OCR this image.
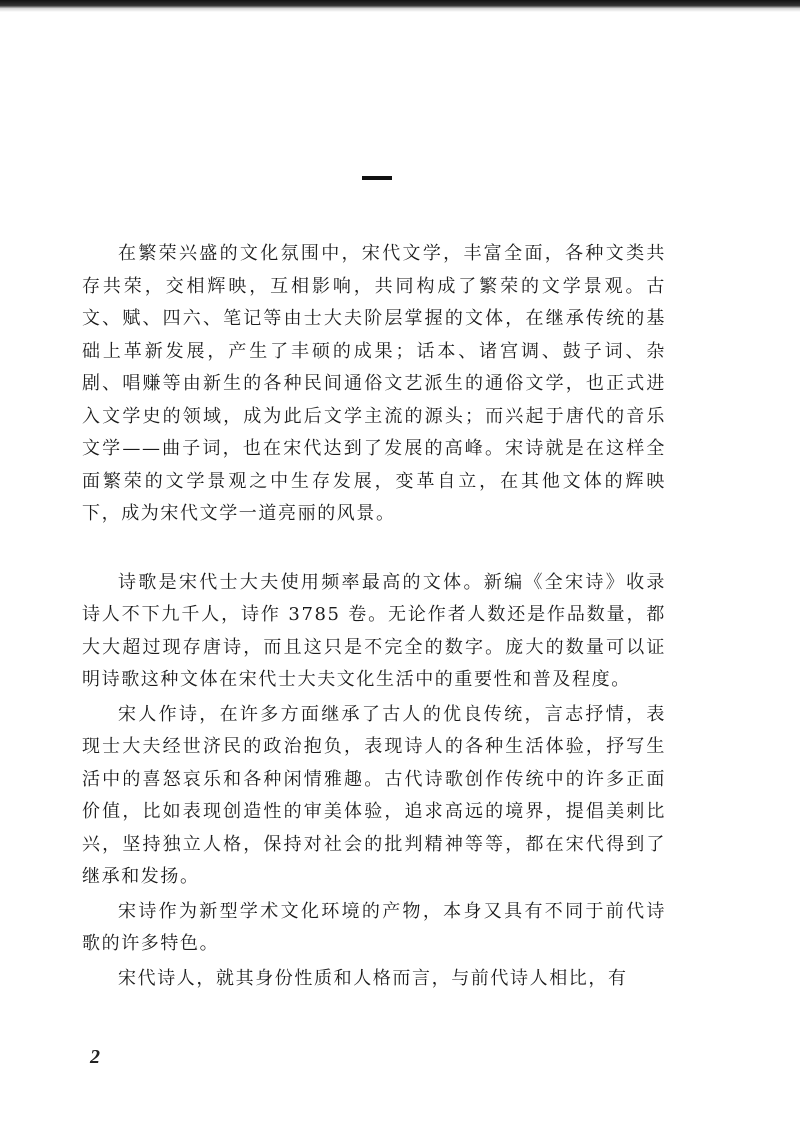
在繁荣兴盛的文化氛围中，宋代文学，丰富全面，各种文类共存共荣，交相辉映，互相影响，共同构成了繁荣的文学景观。古文、赋、四六、笔记等由士大夫阶层掌握的文体，在继承传统的基础上革新发展，产生了丰硕的成果；话本、诸宫调、鼓子词、杂剧、唱赚等由新生的各种民间通俗文艺派生的通俗文学，也正式进入文学史的领域，成为此后文学主流的源头；而兴起于唐代的音乐文学——曲子词，也在宋代达到了发展的高峰。宋诗就是在这样全面繁荣的文学景观之中生存发展，变革自立，在其他文体的辉映下，成为宋代文学一道亮丽的风景。

诗歌是宋代士大夫使用频率最高的文体。新编《全宋诗》收录诗人不下九千人，诗作 3785 卷。无论作者人数还是作品数量，都大大超过现存唐诗，而且这只是不完全的数字。庞大的数量可以证明诗歌这种文体在宋代士大夫文化生活中的重要性和普及程度。

宋人作诗，在许多方面继承了古人的优良传统，言志抒情，表现士大夫经世济民的政治抱负，表现诗人的各种生活体验，抒写生活中的喜怒哀乐和各种闲情雅趣。古代诗歌创作传统中的许多正面价值，比如表现创造性的审美体验，追求高远的境界，提倡美刺比兴，坚持独立人格，保持对社会的批判精神等等，都在宋代得到了继承和发扬。

宋诗作为新型学术文化环境的产物，本身又具有不同于前代诗歌的许多特色。

宋代诗人，就其身份性质和人格而言，与前代诗人相比，有

2
